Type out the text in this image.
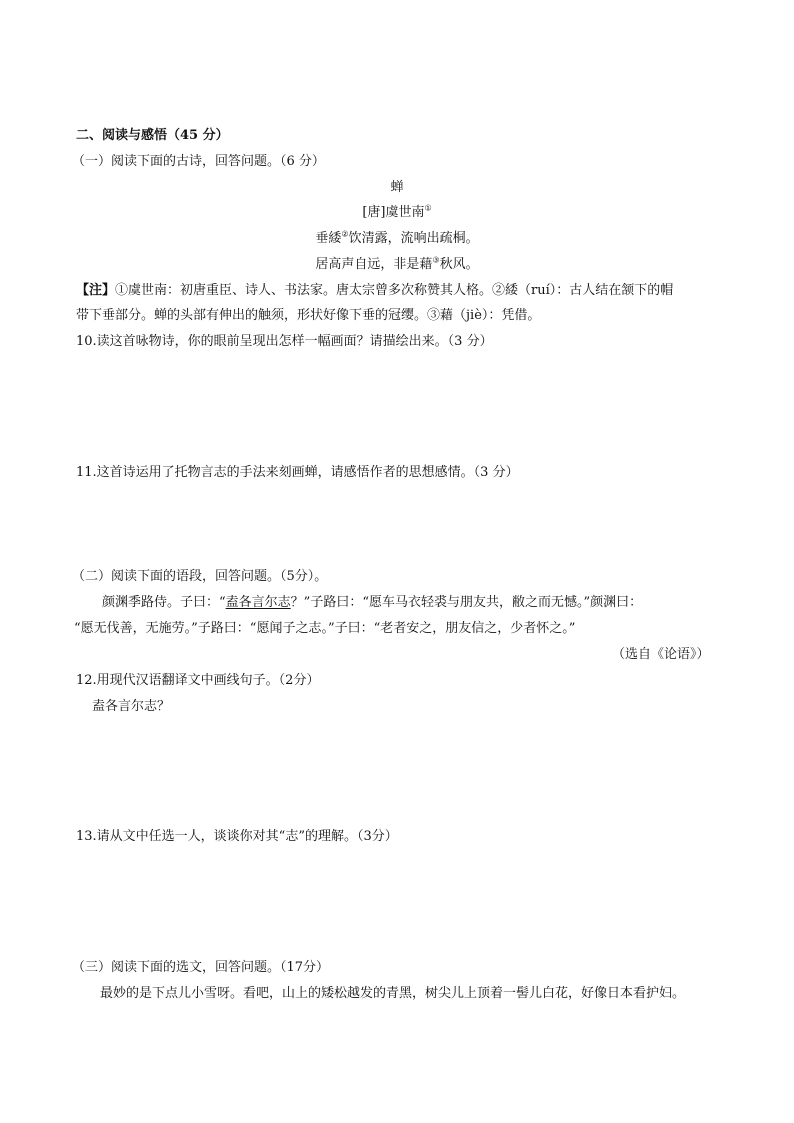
二、阅读与感悟（45 分）
（一）阅读下面的古诗，回答问题。（6 分）
蝉
[唐]虞世南①
垂緌②饮清露，流响出疏桐。
居高声自远，非是藉③秋风。
【注】①虞世南：初唐重臣、诗人、书法家。唐太宗曾多次称赞其人格。②緌（ruí）：古人结在颔下的帽
带下垂部分。蝉的头部有伸出的触须，形状好像下垂的冠缨。③藉（jiè）：凭借。
10.读这首咏物诗，你的眼前呈现出怎样一幅画面？请描绘出来。（3 分）
11.这首诗运用了托物言志的手法来刻画蝉，请感悟作者的思想感情。（3 分）
（二）阅读下面的语段，回答问题。（5分）。
颜渊季路侍。子曰：“盍各言尔志？”子路曰：“愿车马衣轻裘与朋友共，敝之而无憾。”颜渊曰：
“愿无伐善，无施劳。”子路曰：“愿闻子之志。”子曰：“老者安之，朋友信之，少者怀之。”
（选自《论语》）
12.用现代汉语翻译文中画线句子。（2分）
盍各言尔志？
13.请从文中任选一人，谈谈你对其“志”的理解。（3分）
（三）阅读下面的选文，回答问题。（17分）
最妙的是下点儿小雪呀。看吧，山上的矮松越发的青黑，树尖儿上顶着一髻儿白花，好像日本看护妇。
